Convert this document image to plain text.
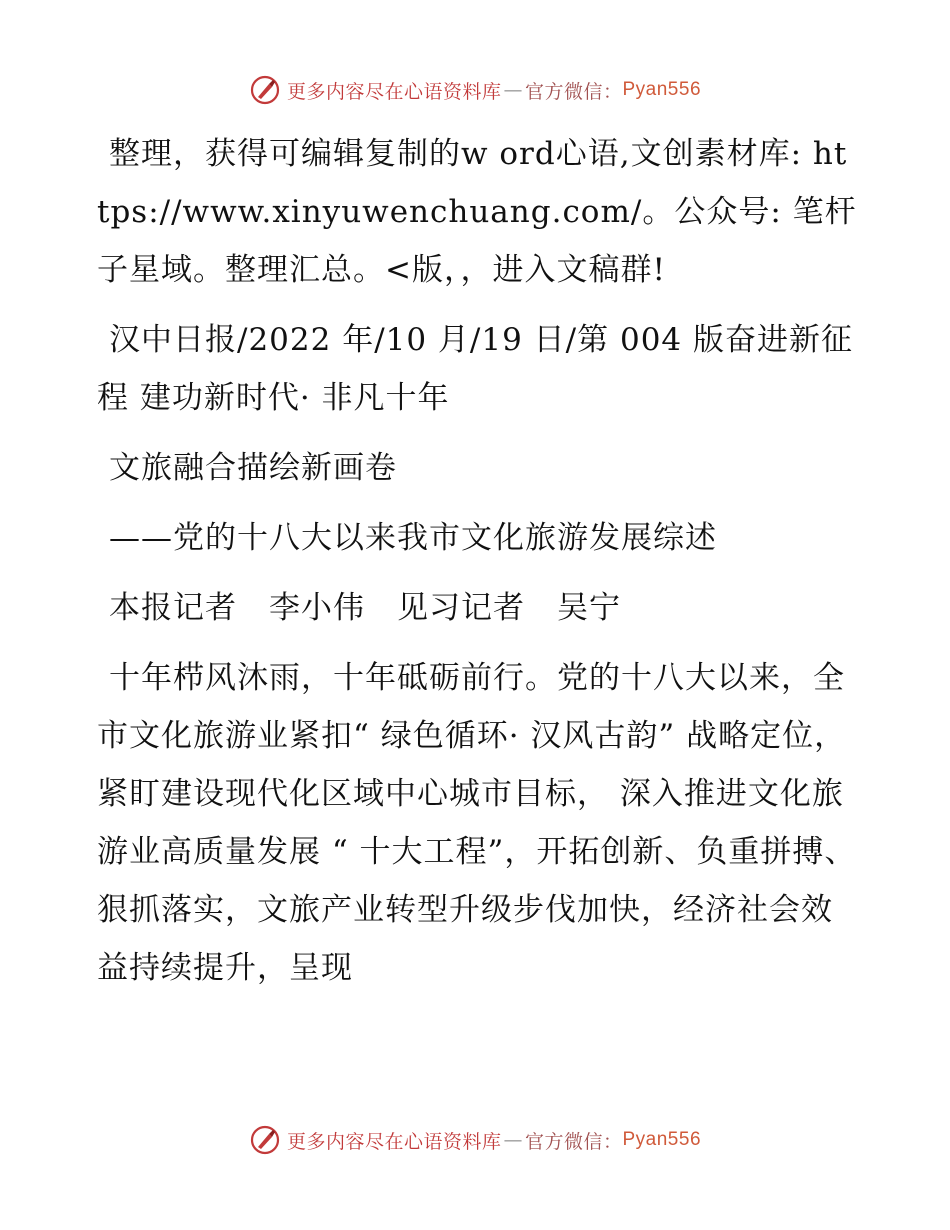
更多内容尽在心语资料库 — 官方微信： Pyan556

整理，获得可编辑复制的w ord心语,文创素材库: https://www.xinyuwenchuang.com/。公众号: 笔杆子星域。整理汇总。<版，，进入文稿群!

汉中日报/2022 年/10 月/19 日/第 004 版奋进新征程 建功新时代· 非凡十年

文旅融合描绘新画卷

——党的十八大以来我市文化旅游发展综述

本报记者　李小伟　见习记者　吴宁

十年栉风沐雨，十年砥砺前行。党的十八大以来，全市文化旅游业紧扣“ 绿色循环· 汉风古韵” 战略定位， 紧盯建设现代化区域中心城市目标， 深入推进文化旅游业高质量发展 “ 十大工程”，开拓创新、负重拼搏、狠抓落实，文旅产业转型升级步伐加快，经济社会效益持续提升，呈现

更多内容尽在心语资料库 — 官方微信： Pyan556
